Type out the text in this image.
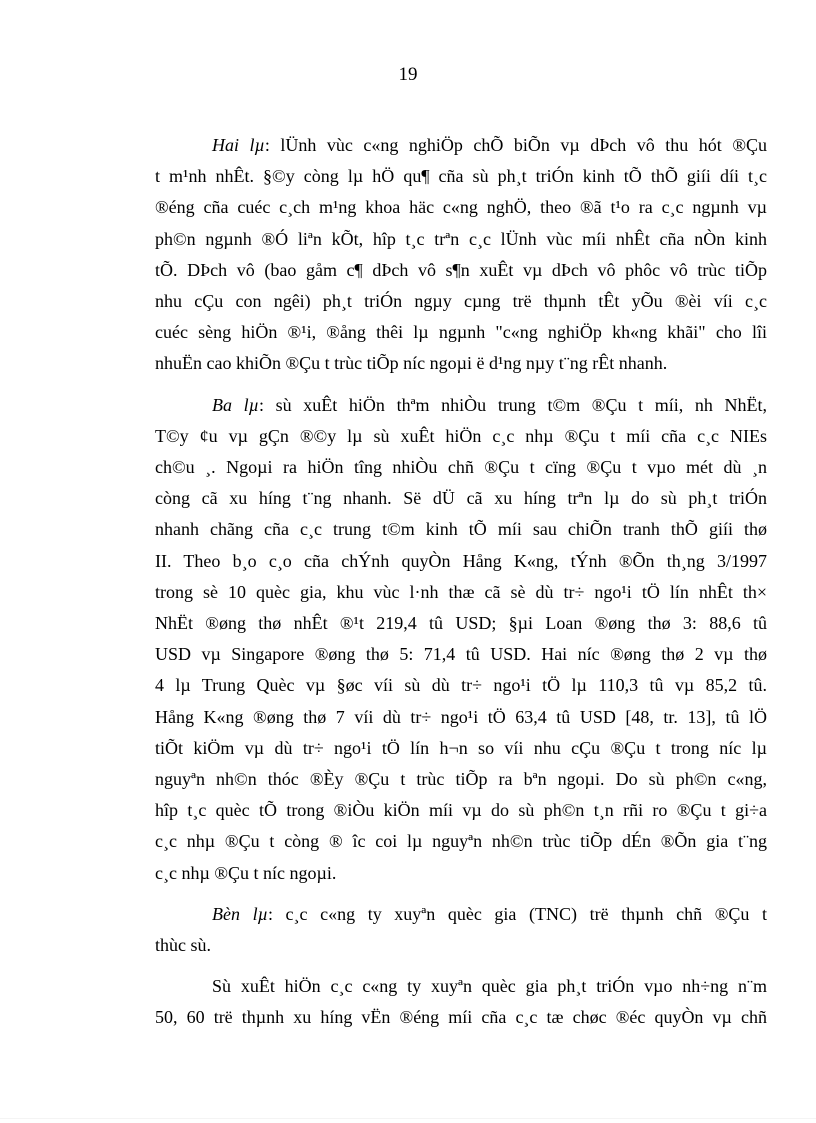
19
Hai lµ: lÜnh vùc c«ng nghiÖp chÕ biÕn vµ dÞch vô thu hót ®Çu
t m¹nh nhÊt. §©y còng lµ hÖ qu¶ cña sù ph¸t triÓn kinh tÕ thÕ giíi díi t¸c
®éng cña cuéc c¸ch m¹ng khoa häc c«ng nghÖ, theo ®ã t¹o ra c¸c ngµnh vµ
ph©n ngµnh ®Ó liªn kÕt, hîp t¸c trªn c¸c lÜnh vùc míi nhÊt cña nÒn kinh
tÕ. DÞch vô (bao gåm c¶ dÞch vô s¶n xuÊt vµ dÞch vô phôc vô trùc tiÕp
nhu cÇu con ngêi) ph¸t triÓn ngµy cµng trë thµnh tÊt yÕu ®èi víi c¸c
cuéc sèng hiÖn ®¹i, ®ång thêi lµ ngµnh "c«ng nghiÖp kh«ng khãi" cho lîi
nhuËn cao khiÕn ®Çu t trùc tiÕp níc ngoµi ë d¹ng nµy t¨ng rÊt nhanh.
Ba lµ: sù xuÊt hiÖn thªm nhiÒu trung t©m ®Çu t míi, nh NhËt,
T©y ¢u vµ gÇn ®©y lµ sù xuÊt hiÖn c¸c nhµ ®Çu t míi cña c¸c NIEs
ch©u ¸. Ngoµi ra hiÖn tîng nhiÒu chñ ®Çu t cïng ®Çu t vµo mét dù ¸n
còng cã xu híng t¨ng nhanh. Së dÜ cã xu híng trªn lµ do sù ph¸t triÓn
nhanh chãng cña c¸c trung t©m kinh tÕ míi sau chiÕn tranh thÕ giíi thø
II. Theo b¸o c¸o cña chÝnh quyÒn Hång K«ng, tÝnh ®Õn th¸ng 3/1997
trong sè 10 quèc gia, khu vùc l·nh thæ cã sè dù tr÷ ngo¹i tÖ lín nhÊt th×
NhËt ®øng thø nhÊt ®¹t 219,4 tû USD; §µi Loan ®øng thø 3: 88,6 tû
USD vµ Singapore ®øng thø 5: 71,4 tû USD. Hai níc ®øng thø 2 vµ thø
4 lµ Trung Quèc vµ §øc víi sù dù tr÷ ngo¹i tÖ lµ 110,3 tû vµ 85,2 tû.
Hång K«ng ®øng thø 7 víi dù tr÷ ngo¹i tÖ 63,4 tû USD [48, tr. 13], tû lÖ
tiÕt kiÖm vµ dù tr÷ ngo¹i tÖ lín h¬n so víi nhu cÇu ®Çu t trong níc lµ
nguyªn nh©n thóc ®Èy ®Çu t trùc tiÕp ra bªn ngoµi. Do sù ph©n c«ng,
hîp t¸c quèc tÕ trong ®iÒu kiÖn míi vµ do sù ph©n t¸n rñi ro ®Çu t gi÷a
c¸c nhµ ®Çu t còng ® îc coi lµ nguyªn nh©n trùc tiÕp dÉn ®Õn gia t¨ng
c¸c nhµ ®Çu t níc ngoµi.
Bèn lµ: c¸c c«ng ty xuyªn quèc gia (TNC) trë thµnh chñ ®Çu t
thùc sù.
Sù xuÊt hiÖn c¸c c«ng ty xuyªn quèc gia ph¸t triÓn vµo nh÷ng n¨m
50, 60 trë thµnh xu híng vËn ®éng míi cña c¸c tæ chøc ®éc quyÒn vµ chñ
